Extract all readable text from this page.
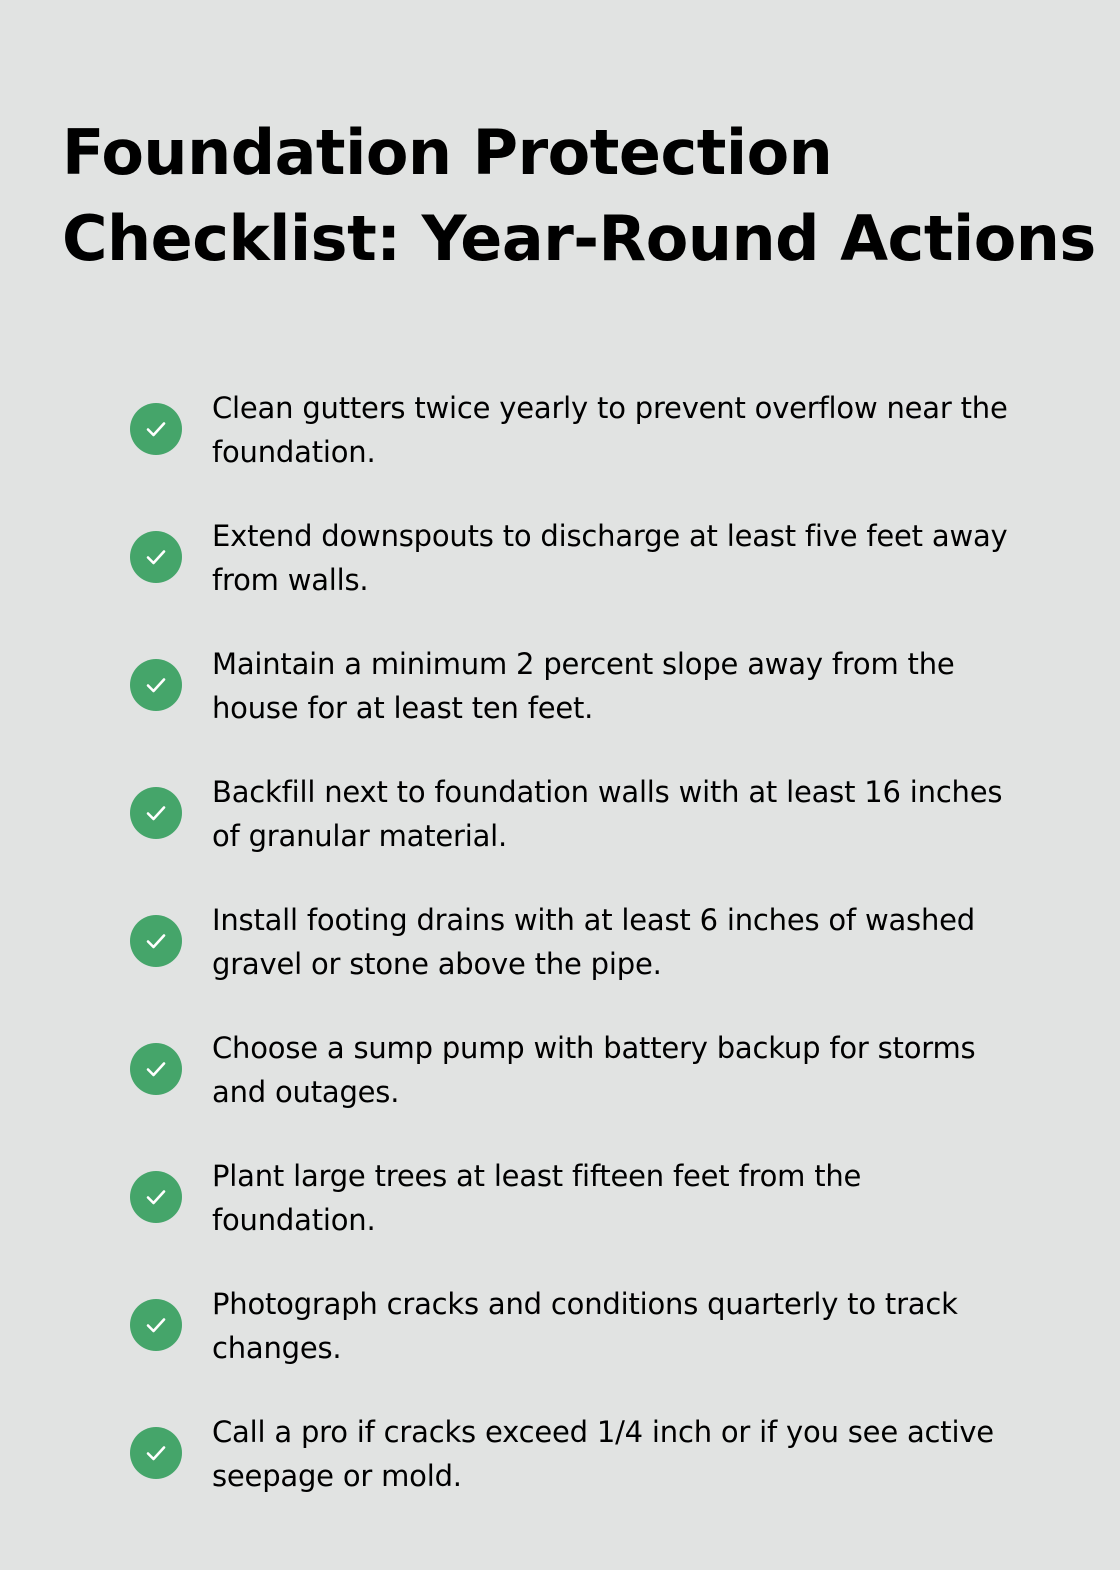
Foundation Protection
Checklist: Year-Round Actions
Clean gutters twice yearly to prevent overflow near the
foundation.
Extend downspouts to discharge at least five feet away
from walls.
Maintain a minimum 2 percent slope away from the
house for at least ten feet.
Backfill next to foundation walls with at least 16 inches
of granular material.
Install footing drains with at least 6 inches of washed
gravel or stone above the pipe.
Choose a sump pump with battery backup for storms
and outages.
Plant large trees at least fifteen feet from the
foundation.
Photograph cracks and conditions quarterly to track
changes.
Call a pro if cracks exceed 1/4 inch or if you see active
seepage or mold.
